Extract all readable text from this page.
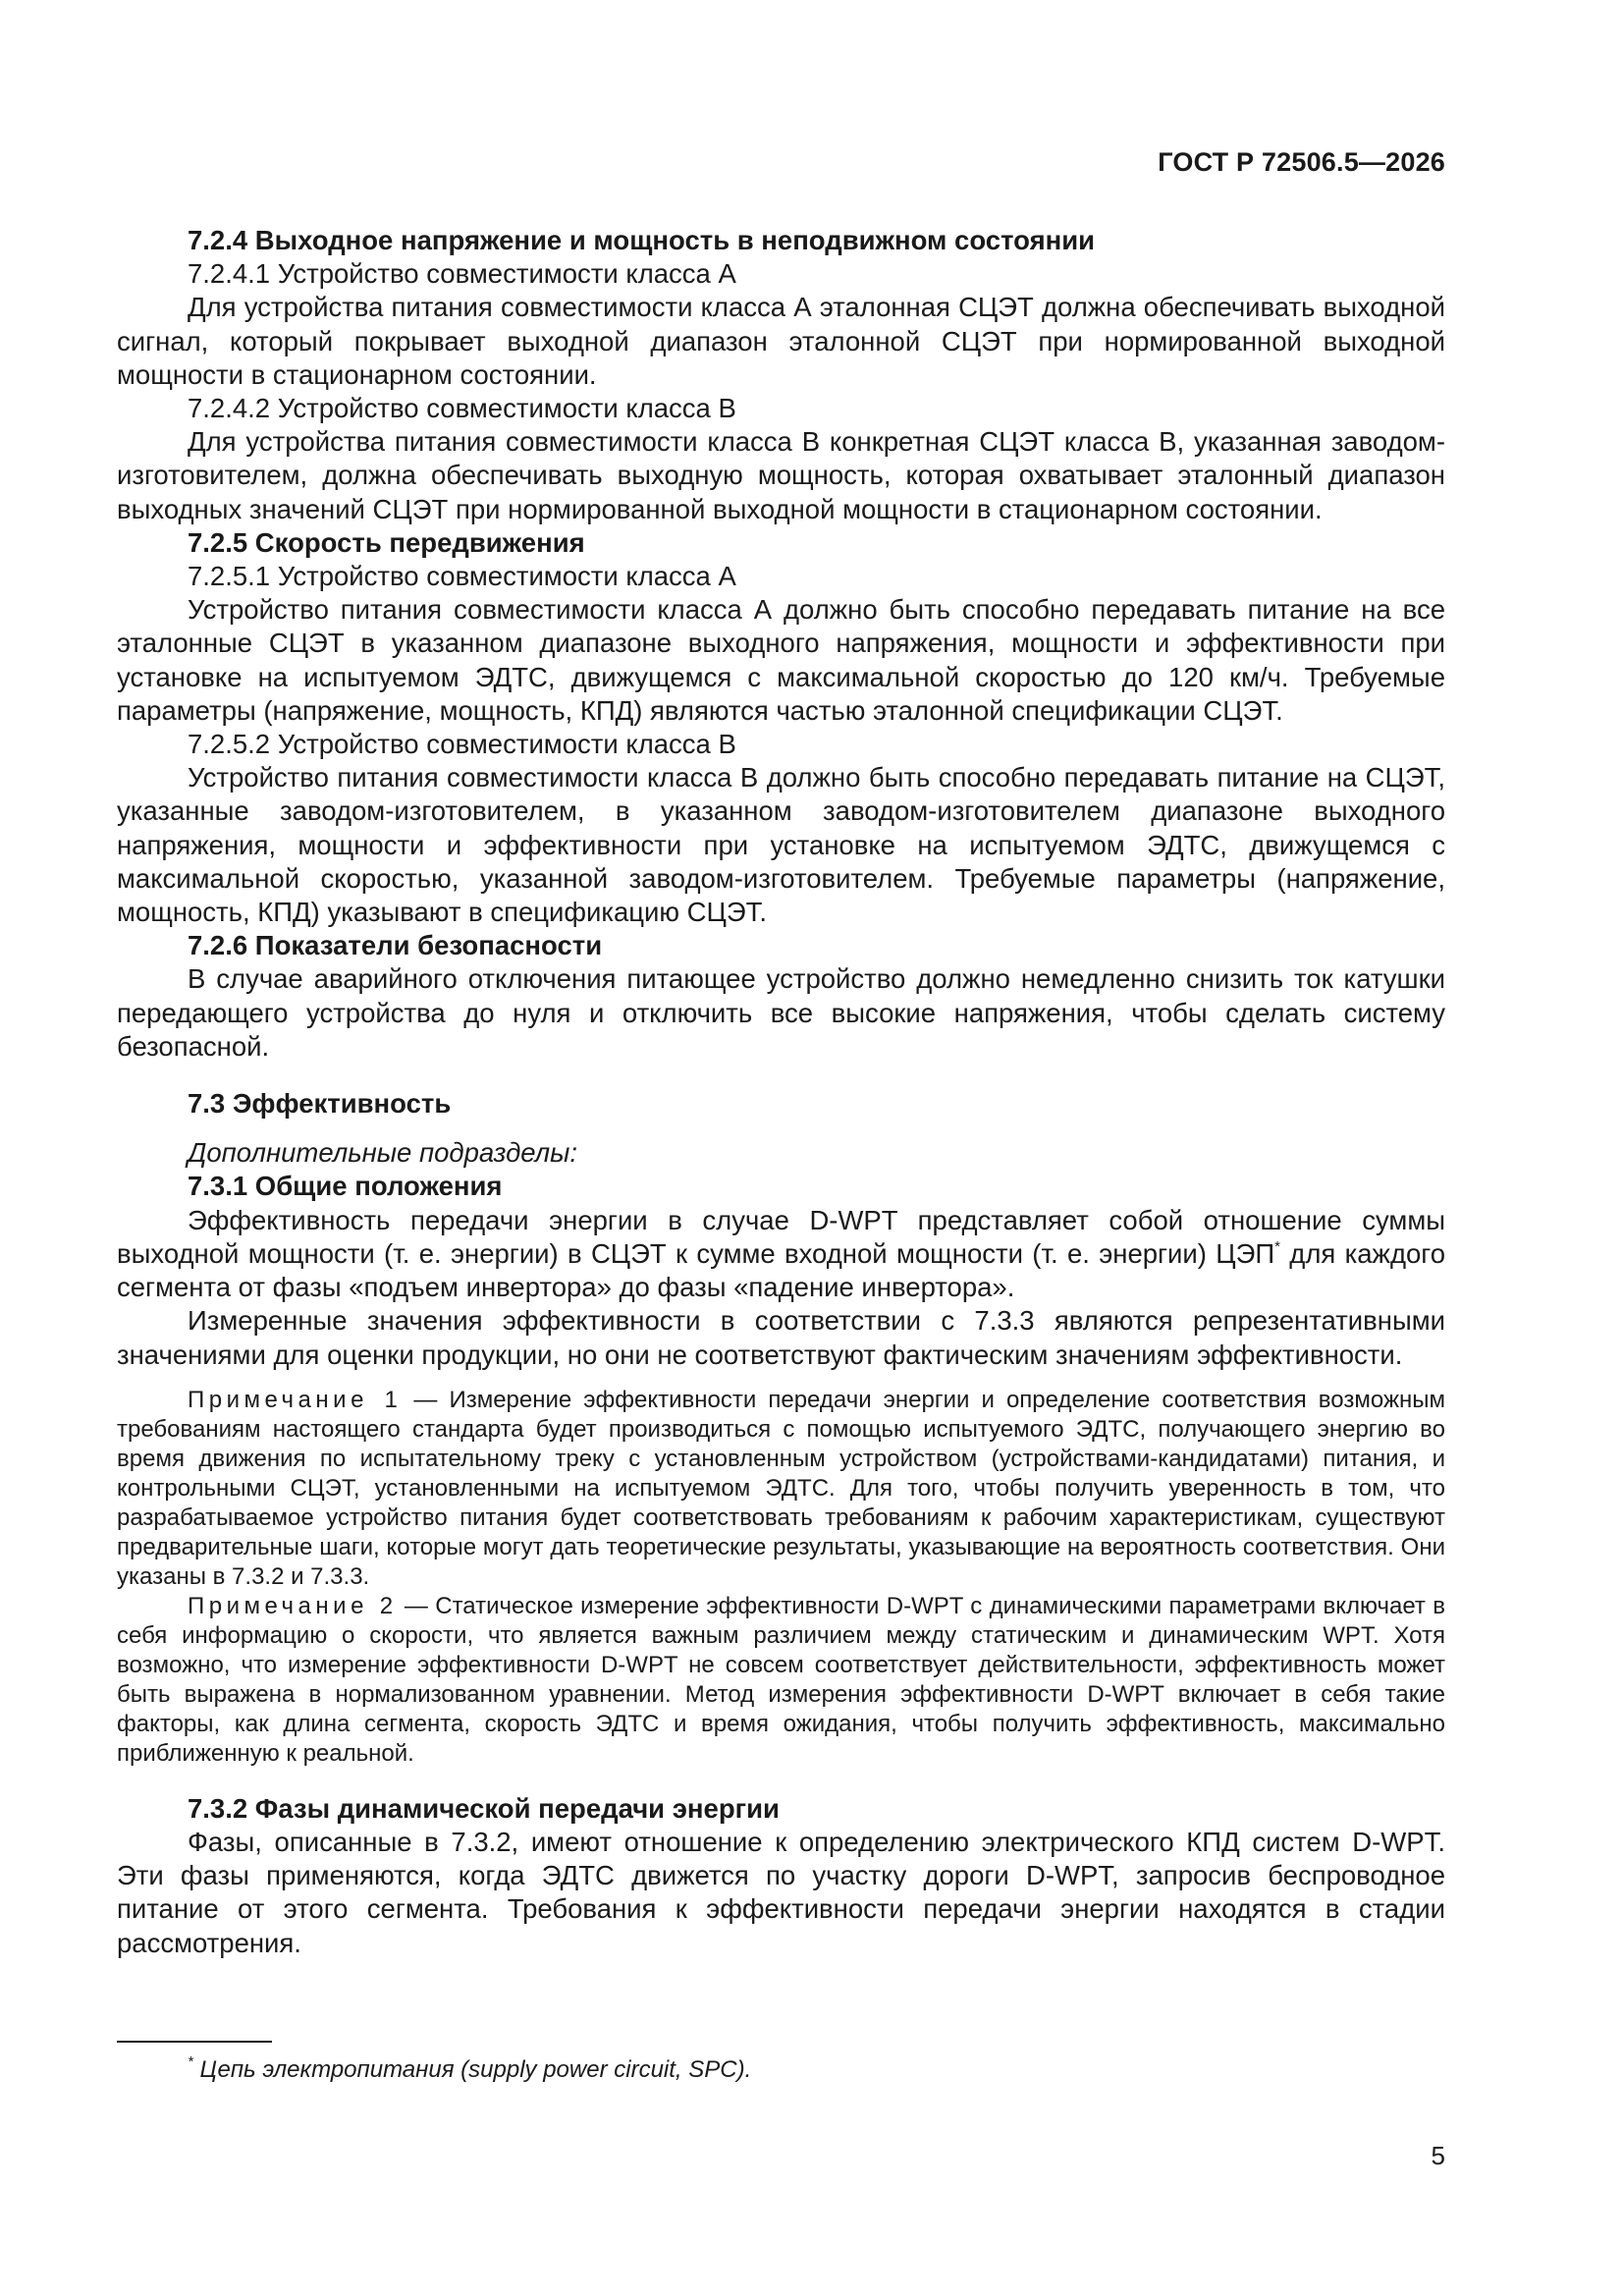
ГОСТ Р 72506.5—2026

7.2.4 Выходное напряжение и мощность в неподвижном состоянии

7.2.4.1 Устройство совместимости класса А

Для устройства питания совместимости класса А эталонная СЦЭТ должна обеспечивать выходной сигнал, который покрывает выходной диапазон эталонной СЦЭТ при нормированной выходной мощности в стационарном состоянии.

7.2.4.2 Устройство совместимости класса В

Для устройства питания совместимости класса В конкретная СЦЭТ класса В, указанная заводом-изготовителем, должна обеспечивать выходную мощность, которая охватывает эталонный диапазон выходных значений СЦЭТ при нормированной выходной мощности в стационарном состоянии.

7.2.5 Скорость передвижения

7.2.5.1 Устройство совместимости класса А

Устройство питания совместимости класса А должно быть способно передавать питание на все эталонные СЦЭТ в указанном диапазоне выходного напряжения, мощности и эффективности при установке на испытуемом ЭДТС, движущемся с максимальной скоростью до 120 км/ч. Требуемые параметры (напряжение, мощность, КПД) являются частью эталонной спецификации СЦЭТ.

7.2.5.2 Устройство совместимости класса В

Устройство питания совместимости класса В должно быть способно передавать питание на СЦЭТ, указанные заводом-изготовителем, в указанном заводом-изготовителем диапазоне выходного напряжения, мощности и эффективности при установке на испытуемом ЭДТС, движущемся с максимальной скоростью, указанной заводом-изготовителем. Требуемые параметры (напряжение, мощность, КПД) указывают в спецификацию СЦЭТ.

7.2.6 Показатели безопасности

В случае аварийного отключения питающее устройство должно немедленно снизить ток катушки передающего устройства до нуля и отключить все высокие напряжения, чтобы сделать систему безопасной.

7.3 Эффективность

Дополнительные подразделы:

7.3.1 Общие положения

Эффективность передачи энергии в случае D-WPT представляет собой отношение суммы выходной мощности (т. е. энергии) в СЦЭТ к сумме входной мощности (т. е. энергии) ЦЭП* для каждого сегмента от фазы «подъем инвертора» до фазы «падение инвертора».

Измеренные значения эффективности в соответствии с 7.3.3 являются репрезентативными значениями для оценки продукции, но они не соответствуют фактическим значениям эффективности.

Примечание 1 — Измерение эффективности передачи энергии и определение соответствия возможным требованиям настоящего стандарта будет производиться с помощью испытуемого ЭДТС, получающего энергию во время движения по испытательному треку с установленным устройством (устройствами-кандидатами) питания, и контрольными СЦЭТ, установленными на испытуемом ЭДТС. Для того, чтобы получить уверенность в том, что разрабатываемое устройство питания будет соответствовать требованиям к рабочим характеристикам, существуют предварительные шаги, которые могут дать теоретические результаты, указывающие на вероятность соответствия. Они указаны в 7.3.2 и 7.3.3.

Примечание 2 — Статическое измерение эффективности D-WPT с динамическими параметрами включает в себя информацию о скорости, что является важным различием между статическим и динамическим WPT. Хотя возможно, что измерение эффективности D-WPT не совсем соответствует действительности, эффективность может быть выражена в нормализованном уравнении. Метод измерения эффективности D-WPT включает в себя такие факторы, как длина сегмента, скорость ЭДТС и время ожидания, чтобы получить эффективность, максимально приближенную к реальной.

7.3.2 Фазы динамической передачи энергии

Фазы, описанные в 7.3.2, имеют отношение к определению электрического КПД систем D-WPT. Эти фазы применяются, когда ЭДТС движется по участку дороги D-WPT, запросив беспроводное питание от этого сегмента. Требования к эффективности передачи энергии находятся в стадии рассмотрения.

* Цепь электропитания (supply power circuit, SPC).
5
